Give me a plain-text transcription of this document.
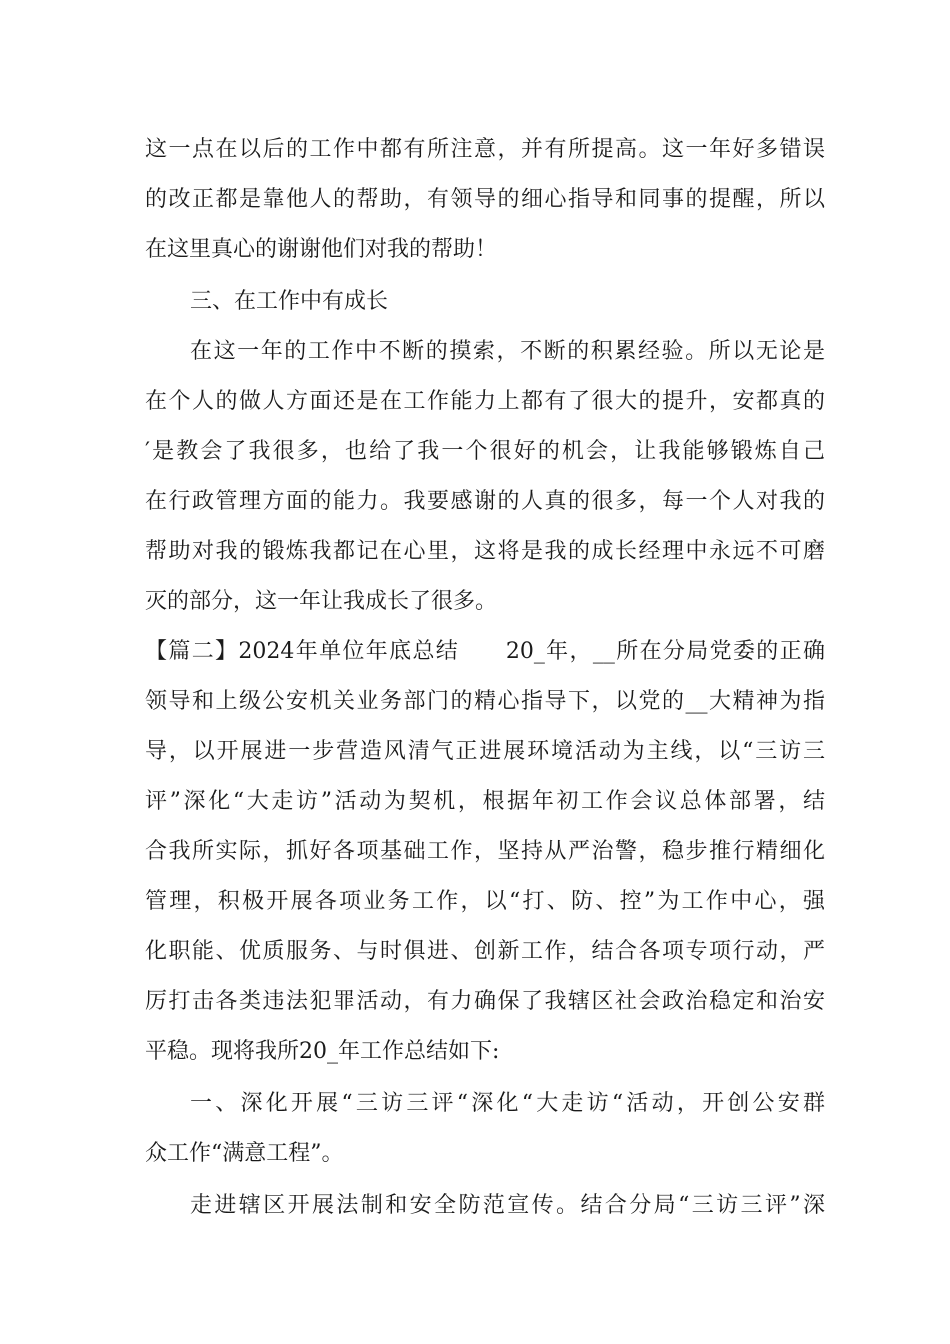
这一点在以后的工作中都有所注意，并有所提高。这一年好多错误
的改正都是靠他人的帮助，有领导的细心指导和同事的提醒，所以
在这里真心的谢谢他们对我的帮助！
三、在工作中有成长
在这一年的工作中不断的摸索，不断的积累经验。所以无论是
在个人的做人方面还是在工作能力上都有了很大的提升，安都真的
′是教会了我很多，也给了我一个很好的机会，让我能够锻炼自己
在行政管理方面的能力。我要感谢的人真的很多，每一个人对我的
帮助对我的锻炼我都记在心里，这将是我的成长经理中永远不可磨
灭的部分，这一年让我成长了很多。
【篇二】2024年单位年底总结　　20_年，__所在分局党委的正确
领导和上级公安机关业务部门的精心指导下，以党的__大精神为指
导，以开展进一步营造风清气正进展环境活动为主线，以“三访三
评”深化“大走访”活动为契机，根据年初工作会议总体部署，结
合我所实际，抓好各项基础工作，坚持从严治警，稳步推行精细化
管理，积极开展各项业务工作，以“打、防、控”为工作中心，强
化职能、优质服务、与时俱进、创新工作，结合各项专项行动，严
厉打击各类违法犯罪活动，有力确保了我辖区社会政治稳定和治安
平稳。现将我所20_年工作总结如下:
一、深化开展“三访三评“深化“大走访“活动，开创公安群
众工作“满意工程”。
走进辖区开展法制和安全防范宣传。结合分局“三访三评”深
